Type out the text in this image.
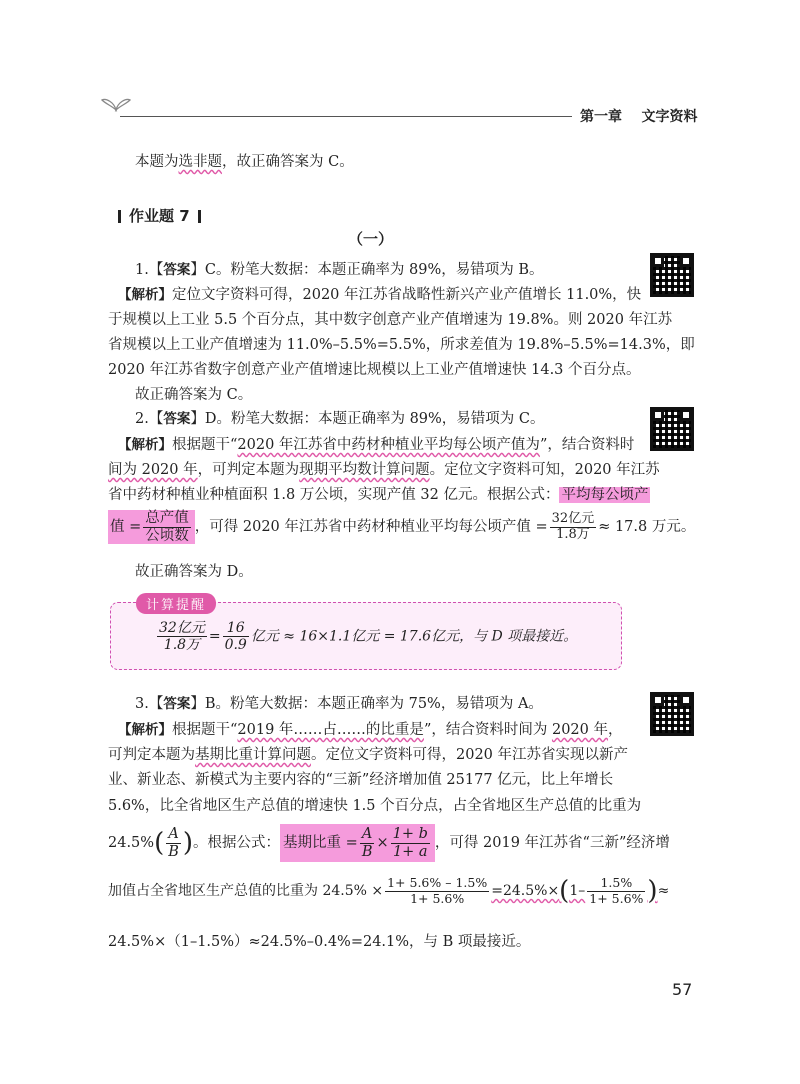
第一章 文字资料
本题为选非题，故正确答案为 C。
作业题 7
（一）
1.【答案】C。粉笔大数据：本题正确率为 89%，易错项为 B。
【解析】定位文字资料可得，2020 年江苏省战略性新兴产业产值增长 11.0%，快
于规模以上工业 5.5 个百分点，其中数字创意产业产值增速为 19.8%。则 2020 年江苏
省规模以上工业产值增速为 11.0%–5.5%=5.5%，所求差值为 19.8%–5.5%=14.3%，即
2020 年江苏省数字创意产业产值增速比规模以上工业产值增速快 14.3 个百分点。
故正确答案为 C。
2.【答案】D。粉笔大数据：本题正确率为 89%，易错项为 C。
【解析】根据题干“2020 年江苏省中药材种植业平均每公顷产值为”，结合资料时
间为 2020 年，可判定本题为现期平均数计算问题。定位文字资料可知，2020 年江苏
省中药材种植业种植面积 1.8 万公顷，实现产值 32 亿元。根据公式： 平均每公顷产
值 = $\frac{\text{总产值}}{\text{公顷数}}$ ，可得 2020 年江苏省中药材种植业平均每公顷产值 = $\frac{\text{32亿元}}{\text{1.8万}} \approx 17.8$ 万元。
故正确答案为 D。
计算提醒
$\frac{\text{32亿元}}{\text{1.8万}} = \frac{16}{0.9}$ 亿元 ≈ 16×1.1亿元 = 17.6亿元，与 D 项最接近。
3.【答案】B。粉笔大数据：本题正确率为 75%，易错项为 A。
【解析】根据题干“2019 年……占……的比重是”，结合资料时间为 2020 年，
可判定本题为基期比重计算问题。定位文字资料可得，2020 年江苏省实现以新产
业、新业态、新模式为主要内容的“三新”经济增加值 25177 亿元，比上年增长
5.6%，比全省地区生产总值的增速快 1.5 个百分点，占全省地区生产总值的比重为
$24.5\%( \frac{A}{B}$ )。根据公式： 基期比重 = $\frac{A}{B} \times \frac{1+ b}{1+ a}$ ，可得 2019 年江苏省“三新”经济增
加值占全省地区生产总值的比重为 $24.5\% \times \frac{1+ 5.6\% - 1.5\%}{1+ 5.6\%} =24.5\%\times(1- \frac{1.5\%}{1+ 5.6\%}$ )≈
24.5%×（1–1.5%）≈24.5%–0.4%=24.1%，与 B 项最接近。
57
